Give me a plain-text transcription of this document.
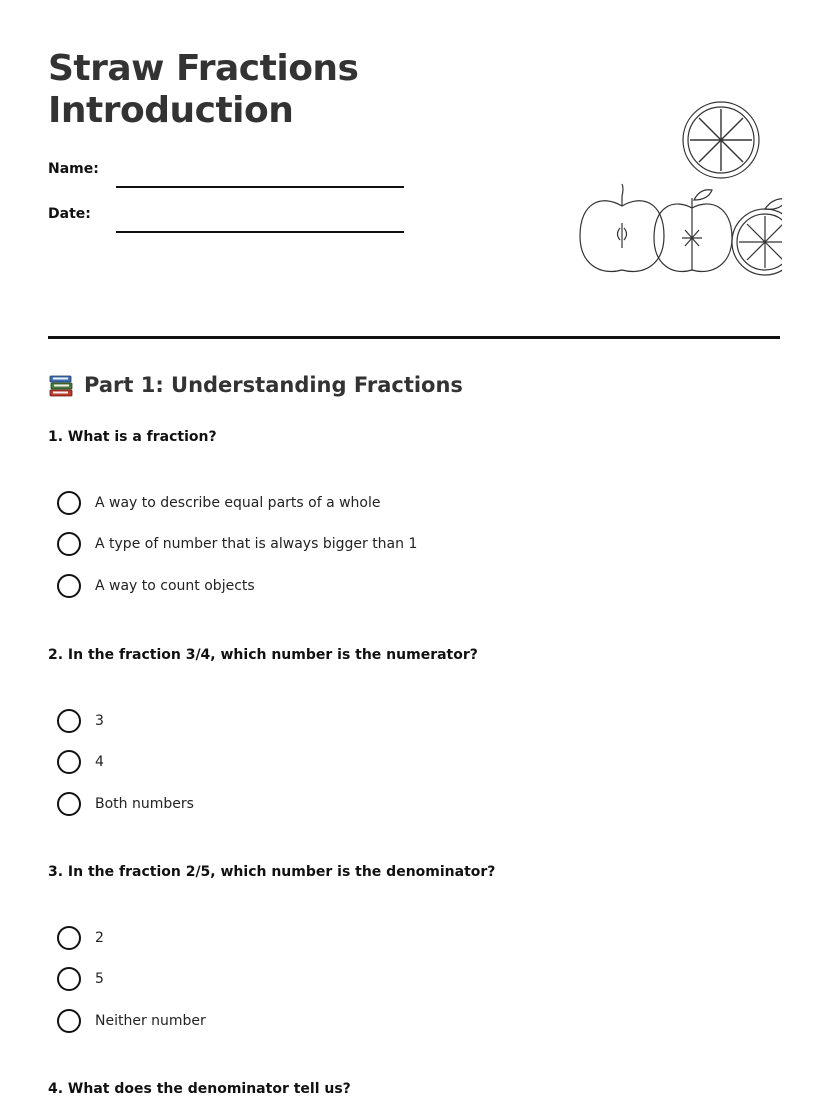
Straw Fractions
Introduction
Name:
Date:
Part 1: Understanding Fractions
1. What is a fraction?
A way to describe equal parts of a whole
A type of number that is always bigger than 1
A way to count objects
2. In the fraction 3/4, which number is the numerator?
3
4
Both numbers
3. In the fraction 2/5, which number is the denominator?
2
5
Neither number
4. What does the denominator tell us?
